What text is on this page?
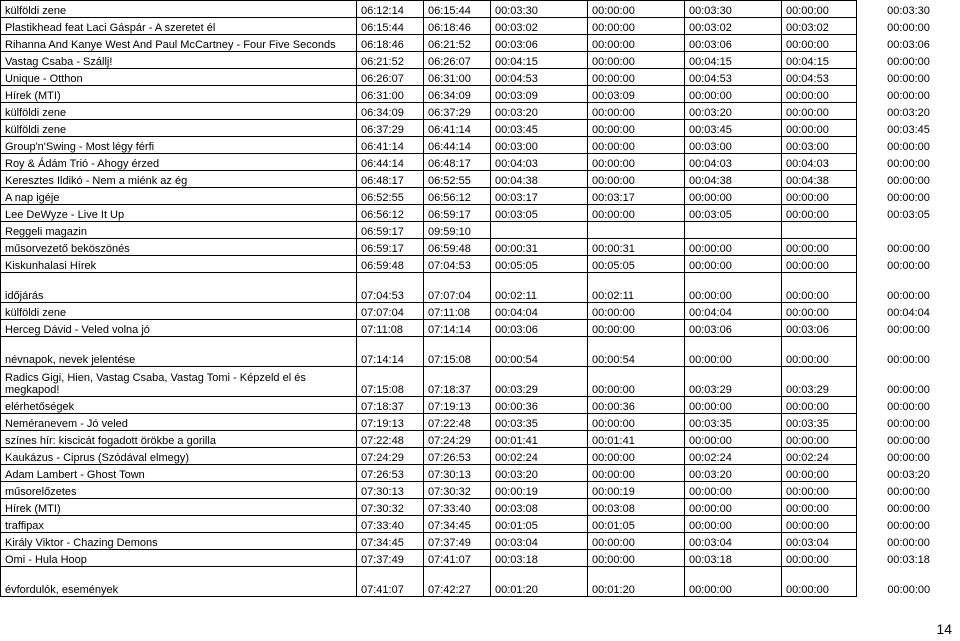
külföldi zene	06:12:14	06:15:44	00:03:30	00:00:00	00:03:30	00:00:00	00:03:30
Plastikhead feat Laci Gáspár - A szeretet él	06:15:44	06:18:46	00:03:02	00:00:00	00:03:02	00:03:02	00:00:00
Rihanna And Kanye West And Paul McCartney - Four Five Seconds	06:18:46	06:21:52	00:03:06	00:00:00	00:03:06	00:00:00	00:03:06
Vastag Csaba - Szállj!	06:21:52	06:26:07	00:04:15	00:00:00	00:04:15	00:04:15	00:00:00
Unique - Otthon	06:26:07	06:31:00	00:04:53	00:00:00	00:04:53	00:04:53	00:00:00
Hírek (MTI)	06:31:00	06:34:09	00:03:09	00:03:09	00:00:00	00:00:00	00:00:00
külföldi zene	06:34:09	06:37:29	00:03:20	00:00:00	00:03:20	00:00:00	00:03:20
külföldi zene	06:37:29	06:41:14	00:03:45	00:00:00	00:03:45	00:00:00	00:03:45
Group'n'Swing - Most légy férfi	06:41:14	06:44:14	00:03:00	00:00:00	00:03:00	00:03:00	00:00:00
Roy & Ádám Trió - Ahogy érzed	06:44:14	06:48:17	00:04:03	00:00:00	00:04:03	00:04:03	00:00:00
Keresztes Ildikó - Nem a miénk az ég	06:48:17	06:52:55	00:04:38	00:00:00	00:04:38	00:04:38	00:00:00
A nap igéje	06:52:55	06:56:12	00:03:17	00:03:17	00:00:00	00:00:00	00:00:00
Lee DeWyze - Live It Up	06:56:12	06:59:17	00:03:05	00:00:00	00:03:05	00:00:00	00:03:05
Reggeli magazin	06:59:17	09:59:10					
műsorvezető beköszönés	06:59:17	06:59:48	00:00:31	00:00:31	00:00:00	00:00:00	00:00:00
Kiskunhalasi Hírek	06:59:48	07:04:53	00:05:05	00:05:05	00:00:00	00:00:00	00:00:00
időjárás	07:04:53	07:07:04	00:02:11	00:02:11	00:00:00	00:00:00	00:00:00
külföldi zene	07:07:04	07:11:08	00:04:04	00:00:00	00:04:04	00:00:00	00:04:04
Herceg Dávid - Veled volna jó	07:11:08	07:14:14	00:03:06	00:00:00	00:03:06	00:03:06	00:00:00
névnapok, nevek jelentése	07:14:14	07:15:08	00:00:54	00:00:54	00:00:00	00:00:00	00:00:00
Radics Gigi, Hien, Vastag Csaba, Vastag Tomi - Képzeld el és megkapod!	07:15:08	07:18:37	00:03:29	00:00:00	00:03:29	00:03:29	00:00:00
elérhetőségek	07:18:37	07:19:13	00:00:36	00:00:36	00:00:00	00:00:00	00:00:00
Neméranevem - Jó veled	07:19:13	07:22:48	00:03:35	00:00:00	00:03:35	00:03:35	00:00:00
színes hír: kiscicát fogadott örökbe a gorilla	07:22:48	07:24:29	00:01:41	00:01:41	00:00:00	00:00:00	00:00:00
Kaukázus - Ciprus (Szódával elmegy)	07:24:29	07:26:53	00:02:24	00:00:00	00:02:24	00:02:24	00:00:00
Adam Lambert - Ghost Town	07:26:53	07:30:13	00:03:20	00:00:00	00:03:20	00:00:00	00:03:20
műsorelőzetes	07:30:13	07:30:32	00:00:19	00:00:19	00:00:00	00:00:00	00:00:00
Hírek (MTI)	07:30:32	07:33:40	00:03:08	00:03:08	00:00:00	00:00:00	00:00:00
traffipax	07:33:40	07:34:45	00:01:05	00:01:05	00:00:00	00:00:00	00:00:00
Király Viktor - Chazing Demons	07:34:45	07:37:49	00:03:04	00:00:00	00:03:04	00:03:04	00:00:00
Omi - Hula Hoop	07:37:49	07:41:07	00:03:18	00:00:00	00:03:18	00:00:00	00:03:18
évfordulók, események	07:41:07	07:42:27	00:01:20	00:01:20	00:00:00	00:00:00	00:00:00
14
